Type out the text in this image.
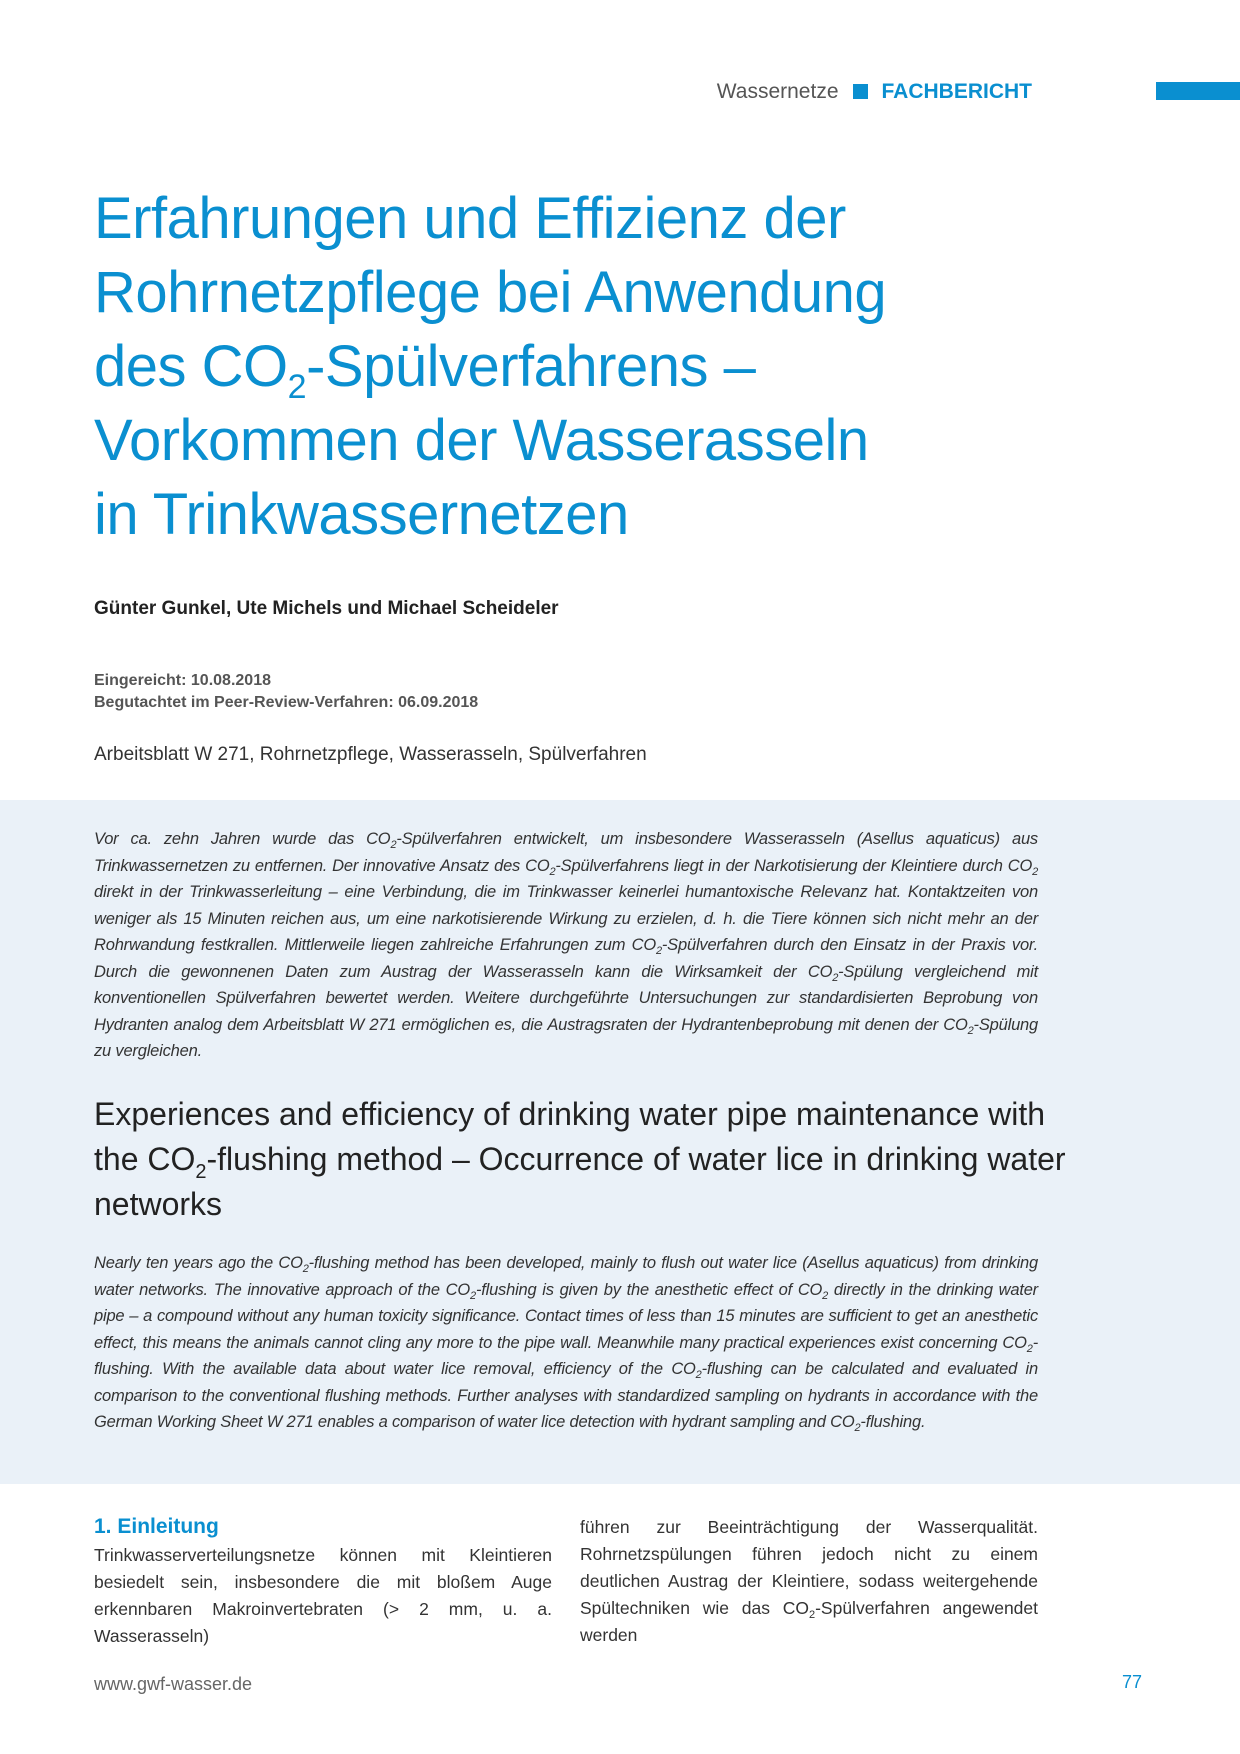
Wassernetze FACHBERICHT
Erfahrungen und Effizienz der
Rohrnetzpflege bei Anwendung
des $CO_2$-Spülverfahrens –
Vorkommen der Wasserasseln
in Trinkwassernetzen
Günter Gunkel, Ute Michels und Michael Scheideler
Eingereicht: 10.08.2018
Begutachtet im Peer-Review-Verfahren: 06.09.2018
Arbeitsblatt W 271, Rohrnetzpflege, Wasserasseln, Spülverfahren

Vor ca. zehn Jahren wurde das $CO_2$-Spülverfahren entwickelt, um insbesondere Wasserasseln (Asellus aquaticus) aus Trinkwassernetzen zu entfernen. Der innovative Ansatz des $CO_2$-Spülverfahrens liegt in der Narkotisierung der Kleintiere durch $CO_2$ direkt in der Trinkwasserleitung – eine Verbindung, die im Trinkwasser keinerlei humantoxische Relevanz hat. Kontaktzeiten von weniger als 15 Minuten reichen aus, um eine narkotisierende Wirkung zu erzielen, d. h. die Tiere können sich nicht mehr an der Rohrwandung festkrallen. Mittlerweile liegen zahlreiche Erfahrungen zum $CO_2$-Spülverfahren durch den Einsatz in der Praxis vor. Durch die gewonnenen Daten zum Austrag der Wasserasseln kann die Wirksamkeit der $CO_2$-Spülung vergleichend mit konventionellen Spülverfahren bewertet werden. Weitere durchgeführte Untersuchungen zur standardisierten Beprobung von Hydranten analog dem Arbeitsblatt W 271 ermöglichen es, die Austragsraten der Hydrantenbeprobung mit denen der $CO_2$-Spülung zu vergleichen.

Experiences and efficiency of drinking water pipe maintenance with the $CO_2$-flushing method – Occurrence of water lice in drinking water networks

Nearly ten years ago the $CO_2$-flushing method has been developed, mainly to flush out water lice (Asellus aquaticus) from drinking water networks. The innovative approach of the $CO_2$-flushing is given by the anesthetic effect of $CO_2$ directly in the drinking water pipe – a compound without any human toxicity significance. Contact times of less than 15 minutes are sufficient to get an anesthetic effect, this means the animals cannot cling any more to the pipe wall. Meanwhile many practical experiences exist concerning $CO_2$-flushing. With the available data about water lice removal, efficiency of the $CO_2$-flushing can be calculated and evaluated in comparison to the conventional flushing methods. Further analyses with standardized sampling on hydrants in accordance with the German Working Sheet W 271 enables a comparison of water lice detection with hydrant sampling and $CO_2$-flushing.

1. Einleitung

Trinkwasserverteilungsnetze können mit Kleintieren besiedelt sein, insbesondere die mit bloßem Auge erkennbaren Makroinvertebraten (> 2 mm, u. a. Wasserasseln)

führen zur Beeinträchtigung der Wasserqualität. Rohrnetzspülungen führen jedoch nicht zu einem deutlichen Austrag der Kleintiere, sodass weitergehende Spültechniken wie das $CO_2$-Spülverfahren angewendet werden

www.gwf-wasser.de	77
